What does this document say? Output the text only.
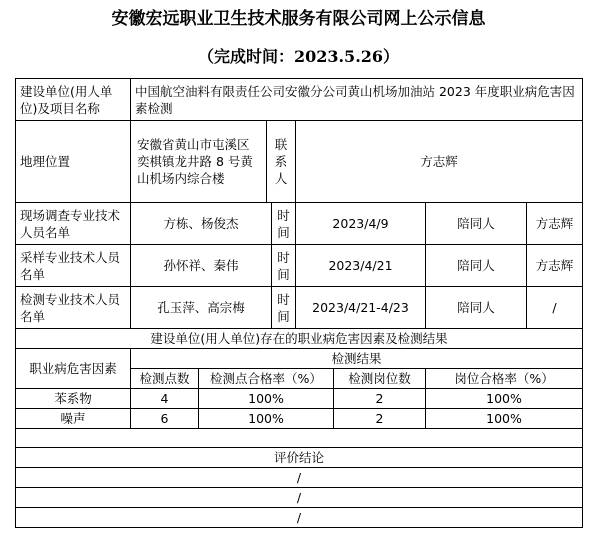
安徽宏远职业卫生技术服务有限公司网上公示信息
（完成时间：2023.5.26）
建设单位(用人单位)及项目名称	中国航空油料有限责任公司安徽分公司黄山机场加油站 2023 年度职业病危害因素检测							
地理位置	安徽省黄山市屯溪区奕棋镇龙井路 8 号黄山机场内综合楼		联系人		方志辉			
现场调查专业技术人员名单	方栋、杨俊杰			时间	2023/4/9		陪同人	方志辉
采样专业技术人员名单	孙怀祥、秦伟			时间	2023/4/21		陪同人	方志辉
检测专业技术人员名单	孔玉萍、高宗梅			时间	2023/4/21-4/23		陪同人	/
建设单位(用人单位)存在的职业病危害因素及检测结果								
职业病危害因素	检测结果							
	检测点数	检测点合格率（%）				检测岗位数	岗位合格率（%）	
苯系物	4	100%				2	100%	
噪声	6	100%				2	100%	

评价结论								
/								
/								
/								
